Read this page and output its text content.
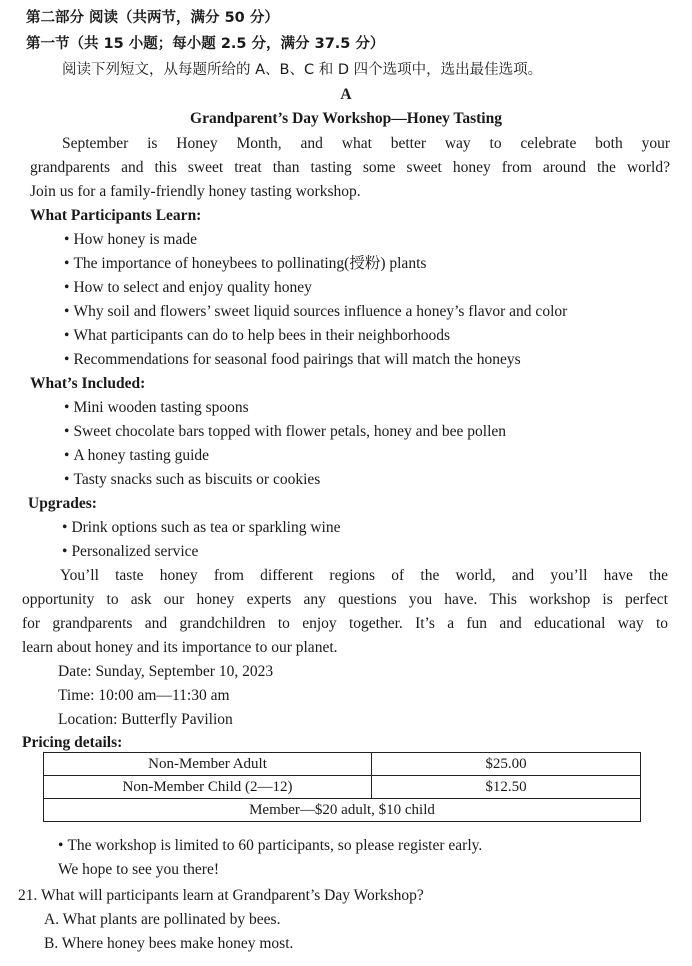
第二部分 阅读（共两节，满分 50 分）
第一节（共 15 小题；每小题 2.5 分，满分 37.5 分）
阅读下列短文，从每题所给的 A、B、C 和 D 四个选项中，选出最佳选项。
A
Grandparent’s Day Workshop—Honey Tasting
September is Honey Month, and what better way to celebrate both your
grandparents and this sweet treat than tasting some sweet honey from around the world?
Join us for a family-friendly honey tasting workshop.
What Participants Learn:
• How honey is made
• The importance of honeybees to pollinating(授粉) plants
• How to select and enjoy quality honey
• Why soil and flowers’ sweet liquid sources influence a honey’s flavor and color
• What participants can do to help bees in their neighborhoods
• Recommendations for seasonal food pairings that will match the honeys
What’s Included:
• Mini wooden tasting spoons
• Sweet chocolate bars topped with flower petals, honey and bee pollen
• A honey tasting guide
• Tasty snacks such as biscuits or cookies
Upgrades:
• Drink options such as tea or sparkling wine
• Personalized service
You’ll taste honey from different regions of the world, and you’ll have the
opportunity to ask our honey experts any questions you have. This workshop is perfect
for grandparents and grandchildren to enjoy together. It’s a fun and educational way to
learn about honey and its importance to our planet.
Date: Sunday, September 10, 2023
Time: 10:00 am—11:30 am
Location: Butterfly Pavilion
Pricing details:
Non-Member Adult	$25.00
Non-Member Child (2—12)	$12.50
Member—$20 adult, $10 child	
• The workshop is limited to 60 participants, so please register early.
We hope to see you there!
21. What will participants learn at Grandparent’s Day Workshop?
A. What plants are pollinated by bees.
B. Where honey bees make honey most.
